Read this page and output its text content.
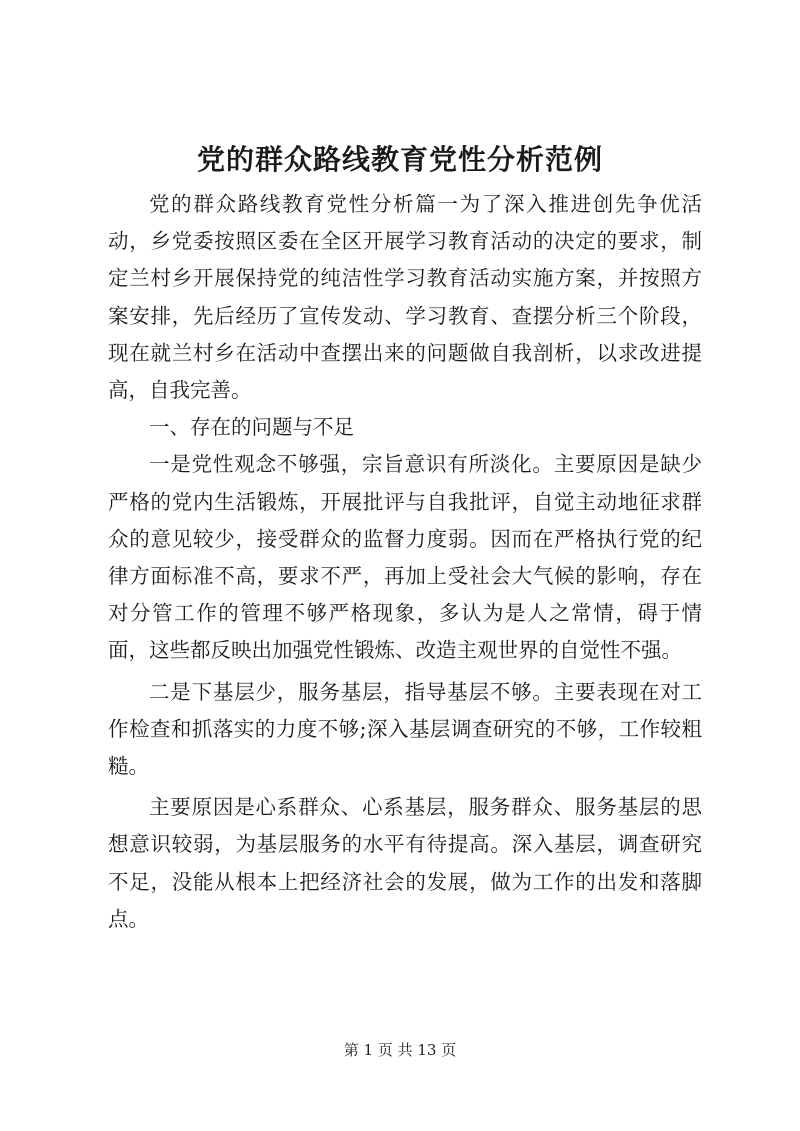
党的群众路线教育党性分析范例

党的群众路线教育党性分析篇一为了深入推进创先争优活动，乡党委按照区委在全区开展学习教育活动的决定的要求，制定兰村乡开展保持党的纯洁性学习教育活动实施方案，并按照方案安排，先后经历了宣传发动、学习教育、查摆分析三个阶段，现在就兰村乡在活动中查摆出来的问题做自我剖析，以求改进提高，自我完善。

一、存在的问题与不足

一是党性观念不够强，宗旨意识有所淡化。主要原因是缺少严格的党内生活锻炼，开展批评与自我批评，自觉主动地征求群众的意见较少，接受群众的监督力度弱。因而在严格执行党的纪律方面标准不高，要求不严，再加上受社会大气候的影响，存在对分管工作的管理不够严格现象，多认为是人之常情，碍于情面，这些都反映出加强党性锻炼、改造主观世界的自觉性不强。

二是下基层少，服务基层，指导基层不够。主要表现在对工作检查和抓落实的力度不够;深入基层调查研究的不够，工作较粗糙。

主要原因是心系群众、心系基层，服务群众、服务基层的思想意识较弱，为基层服务的水平有待提高。深入基层，调查研究不足，没能从根本上把经济社会的发展，做为工作的出发和落脚点。

第 1 页 共 13 页
